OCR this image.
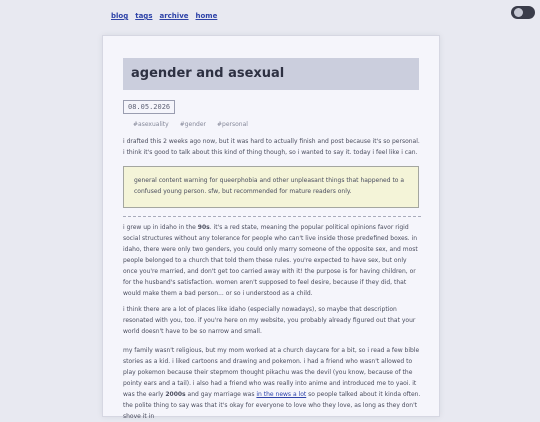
blog tags archive home
agender and asexual
08.05.2026
#asexuality #gender #personal

i drafted this 2 weeks ago now, but it was hard to actually finish and post because it's so personal. i think it's good to talk about this kind of thing though, so i wanted to say it. today i feel like i can.

general content warning for queerphobia and other unpleasant things that happened to a confused young person. sfw, but recommended for mature readers only.

i grew up in idaho in the 90s. it's a red state, meaning the popular political opinions favor rigid social structures without any tolerance for people who can't live inside those predefined boxes. in idaho, there were only two genders, you could only marry someone of the opposite sex, and most people belonged to a church that told them these rules. you're expected to have sex, but only once you're married, and don't get too carried away with it! the purpose is for having children, or for the husband's satisfaction. women aren't supposed to feel desire, because if they did, that would make them a bad person... or so i understood as a child.

i think there are a lot of places like idaho (especially nowadays), so maybe that description resonated with you, too. if you're here on my website, you probably already figured out that your world doesn't have to be so narrow and small.

my family wasn't religious, but my mom worked at a church daycare for a bit, so i read a few bible stories as a kid. i liked cartoons and drawing and pokemon. i had a friend who wasn't allowed to play pokemon because their stepmom thought pikachu was the devil (you know, because of the pointy ears and a tail). i also had a friend who was really into anime and introduced me to yaoi. it was the early 2000s and gay marriage was in the news a lot so people talked about it kinda often. the polite thing to say was that it's okay for everyone to love who they love, as long as they don't shove it in
